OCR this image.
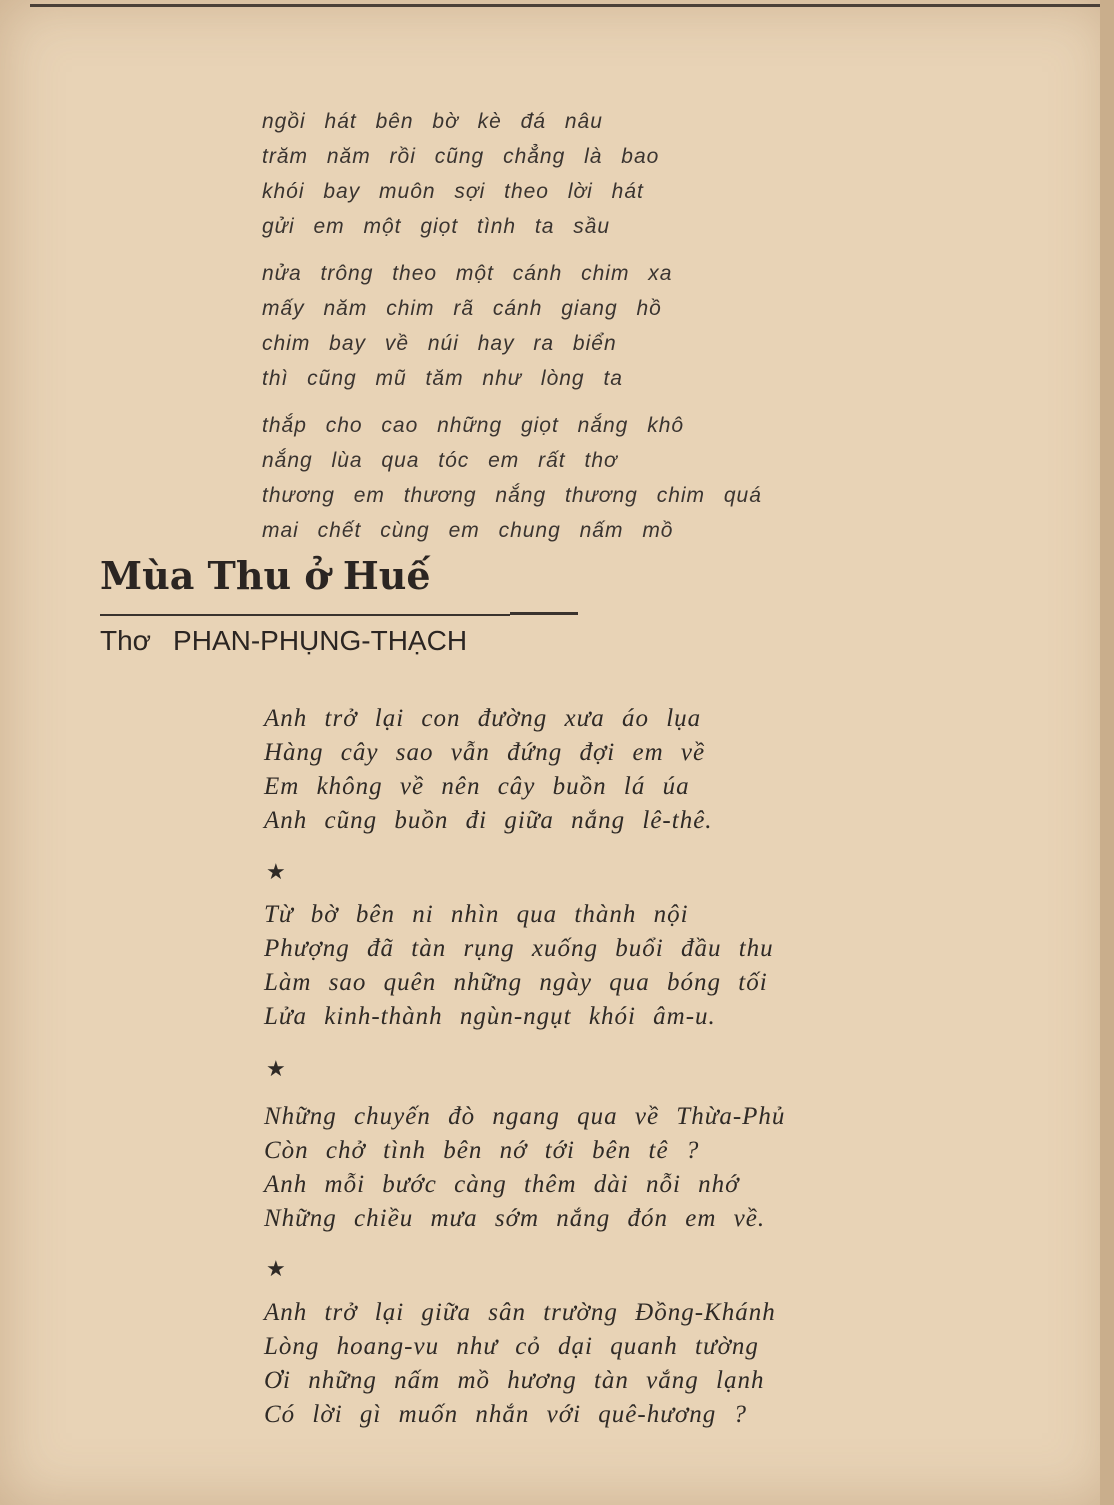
ngồi hát bên bờ kè đá nâu
trăm năm rồi cũng chẳng là bao
khói bay muôn sợi theo lời hát
gửi em một giọt tình ta sầu
nửa trông theo một cánh chim xa
mấy năm chim rã cánh giang hồ
chim bay về núi hay ra biển
thì cũng mũ tăm như lòng ta
thắp cho cao những giọt nắng khô
nắng lùa qua tóc em rất thơ
thương em thương nắng thương chim quá
mai chết cùng em chung nấm mồ
Mùa Thu ở Huế
Thơ PHAN-PHỤNG-THẠCH
Anh trở lại con đường xưa áo lụa
Hàng cây sao vẫn đứng đợi em về
Em không về nên cây buồn lá úa
Anh cũng buồn đi giữa nắng lê-thê.
★
Từ bờ bên ni nhìn qua thành nội
Phượng đã tàn rụng xuống buổi đầu thu
Làm sao quên những ngày qua bóng tối
Lửa kinh-thành ngùn-ngụt khói âm-u.
★
Những chuyến đò ngang qua về Thừa-Phủ
Còn chở tình bên nớ tới bên tê ?
Anh mỗi bước càng thêm dài nỗi nhớ
Những chiều mưa sớm nắng đón em về.
★
Anh trở lại giữa sân trường Đồng-Khánh
Lòng hoang-vu như cỏ dại quanh tường
Ơi những nấm mồ hương tàn vắng lạnh
Có lời gì muốn nhắn với quê-hương ?
